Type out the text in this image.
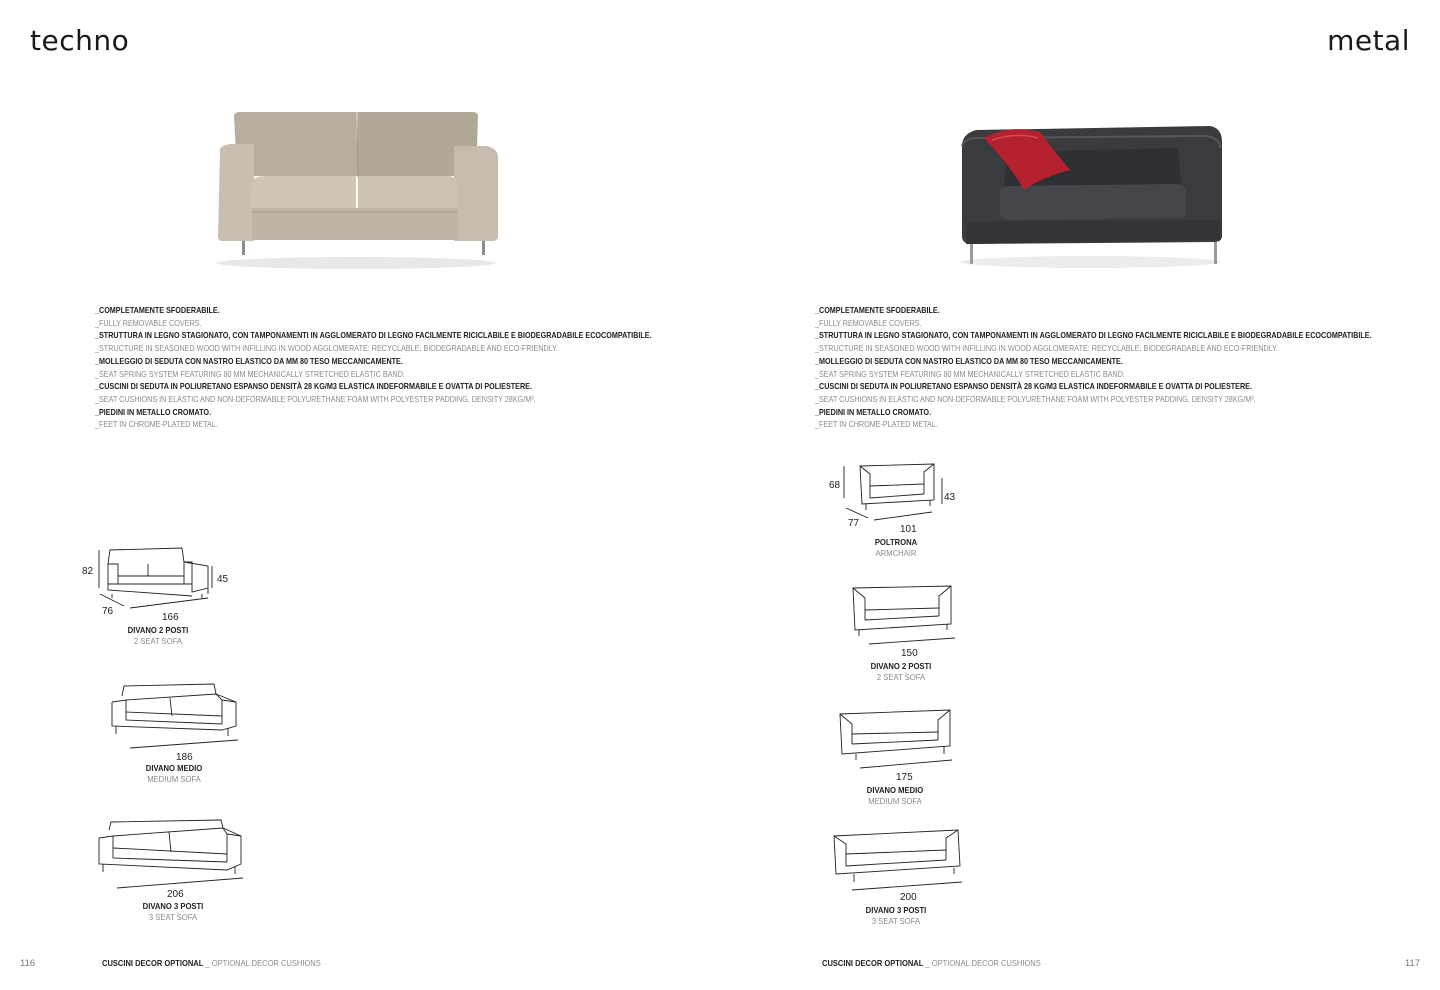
techno
_COMPLETAMENTE SFODERABILE.
_FULLY REMOVABLE COVERS.
_STRUTTURA IN LEGNO STAGIONATO, CON TAMPONAMENTI IN AGGLOMERATO DI LEGNO FACILMENTE RICICLABILE E BIODEGRADABILE ECOCOMPATIBILE.
_STRUCTURE IN SEASONED WOOD WITH INFILLING IN WOOD AGGLOMERATE: RECYCLABLE, BIODEGRADABLE AND ECO-FRIENDLY.
_MOLLEGGIO DI SEDUTA CON NASTRO ELASTICO DA MM 80 TESO MECCANICAMENTE.
_SEAT SPRING SYSTEM FEATURING 80 MM MECHANICALLY STRETCHED ELASTIC BAND.
_CUSCINI DI SEDUTA IN POLIURETANO ESPANSO DENSITÀ 28 KG/M3 ELASTICA INDEFORMABILE E OVATTA DI POLIESTERE.
_SEAT CUSHIONS IN ELASTIC AND NON-DEFORMABLE POLYURETHANE FOAM WITH POLYESTER PADDING, DENSITY 28KG/M³.
_PIEDINI IN METALLO CROMATO.
_FEET IN CHROME-PLATED METAL.
82
45
76
166
DIVANO 2 POSTI
2 SEAT SOFA
186
DIVANO MEDIO
MEDIUM SOFA
206
DIVANO 3 POSTI
3 SEAT SOFA
116	CUSCINI DECOR OPTIONAL _ OPTIONAL DECOR CUSHIONS
metal
_COMPLETAMENTE SFODERABILE.
_FULLY REMOVABLE COVERS.
_STRUTTURA IN LEGNO STAGIONATO, CON TAMPONAMENTI IN AGGLOMERATO DI LEGNO FACILMENTE RICICLABILE E BIODEGRADABILE ECOCOMPATIBILE.
_STRUCTURE IN SEASONED WOOD WITH INFILLING IN WOOD AGGLOMERATE: RECYCLABLE, BIODEGRADABLE AND ECO-FRIENDLY.
_MOLLEGGIO DI SEDUTA CON NASTRO ELASTICO DA MM 80 TESO MECCANICAMENTE.
_SEAT SPRING SYSTEM FEATURING 80 MM MECHANICALLY STRETCHED ELASTIC BAND.
_CUSCINI DI SEDUTA IN POLIURETANO ESPANSO DENSITÀ 28 KG/M3 ELASTICA INDEFORMABILE E OVATTA DI POLIESTERE.
_SEAT CUSHIONS IN ELASTIC AND NON-DEFORMABLE POLYURETHANE FOAM WITH POLYESTER PADDING, DENSITY 28KG/M³.
_PIEDINI IN METALLO CROMATO.
_FEET IN CHROME-PLATED METAL.
68
43
77
101
POLTRONA
ARMCHAIR
150
DIVANO 2 POSTI
2 SEAT SOFA
175
DIVANO MEDIO
MEDIUM SOFA
200
DIVANO 3 POSTI
3 SEAT SOFA
CUSCINI DECOR OPTIONAL _ OPTIONAL DECOR CUSHIONS	117
